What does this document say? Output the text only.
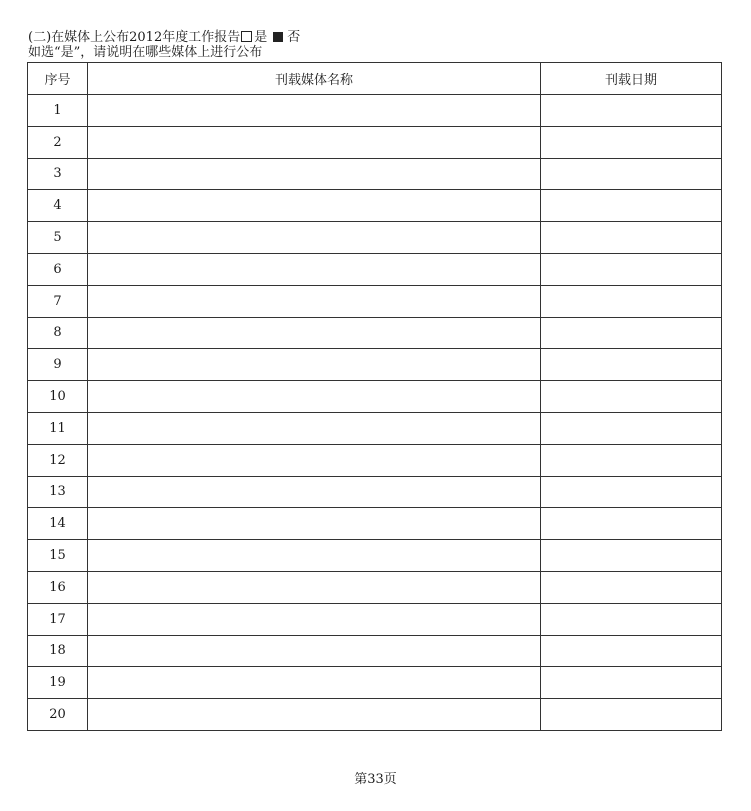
(二)在媒体上公布2012年度工作报告 是 否
如选“是”，请说明在哪些媒体上进行公布
序号	刊载媒体名称	刊载日期
1		
2		
3		
4		
5		
6		
7		
8		
9		
10		
11		
12		
13		
14		
15		
16		
17		
18		
19		
20		
第33页
